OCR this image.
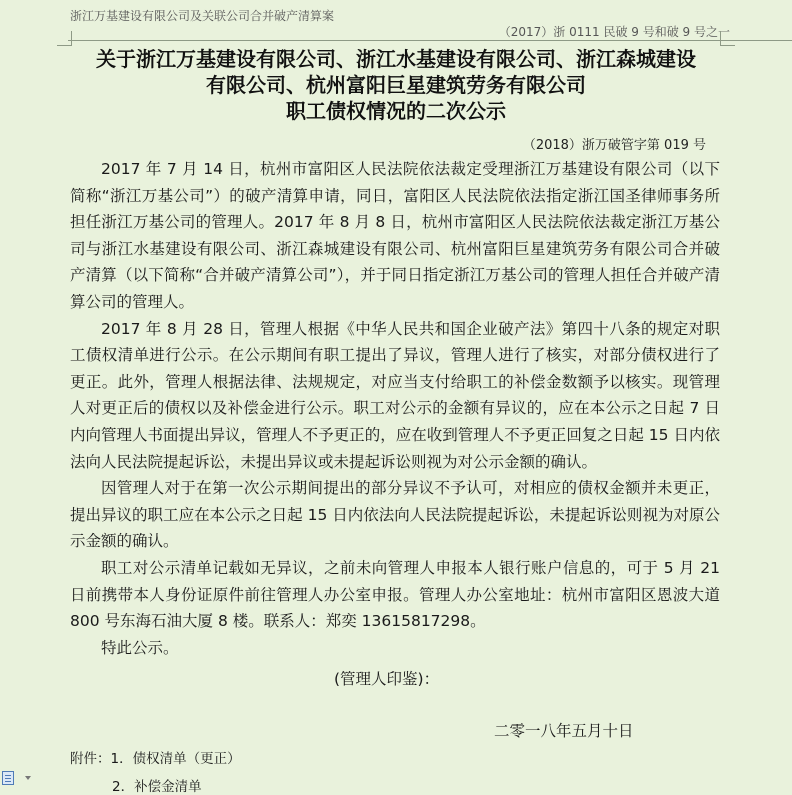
浙江万基建设有限公司及关联公司合并破产清算案
（2017）浙 0111 民破 9 号和破 9 号之一
关于浙江万基建设有限公司、浙江水基建设有限公司、浙江森城建设
有限公司、杭州富阳巨星建筑劳务有限公司
职工债权情况的二次公示
（2018）浙万破管字第 019 号

2017 年 7 月 14 日，杭州市富阳区人民法院依法裁定受理浙江万基建设有限公司（以下简称“浙江万基公司”）的破产清算申请，同日，富阳区人民法院依法指定浙江国圣律师事务所担任浙江万基公司的管理人。2017 年 8 月 8 日，杭州市富阳区人民法院依法裁定浙江万基公司与浙江水基建设有限公司、浙江森城建设有限公司、杭州富阳巨星建筑劳务有限公司合并破产清算（以下简称“合并破产清算公司”），并于同日指定浙江万基公司的管理人担任合并破产清算公司的管理人。

2017 年 8 月 28 日，管理人根据《中华人民共和国企业破产法》第四十八条的规定对职工债权清单进行公示。在公示期间有职工提出了异议，管理人进行了核实，对部分债权进行了更正。此外，管理人根据法律、法规规定，对应当支付给职工的补偿金数额予以核实。现管理人对更正后的债权以及补偿金进行公示。职工对公示的金额有异议的，应在本公示之日起 7 日内向管理人书面提出异议，管理人不予更正的，应在收到管理人不予更正回复之日起 15 日内依法向人民法院提起诉讼，未提出异议或未提起诉讼则视为对公示金额的确认。

因管理人对于在第一次公示期间提出的部分异议不予认可，对相应的债权金额并未更正，提出异议的职工应在本公示之日起 15 日内依法向人民法院提起诉讼，未提起诉讼则视为对原公示金额的确认。

职工对公示清单记载如无异议，之前未向管理人申报本人银行账户信息的，可于 5 月 21 日前携带本人身份证原件前往管理人办公室申报。管理人办公室地址：杭州市富阳区恩波大道 800 号东海石油大厦 8 楼。联系人：郑奕 13615817298。

特此公示。

(管理人印鉴)：
二零一八年五月十日
附件：1．债权清单（更正）
2．补偿金清单
